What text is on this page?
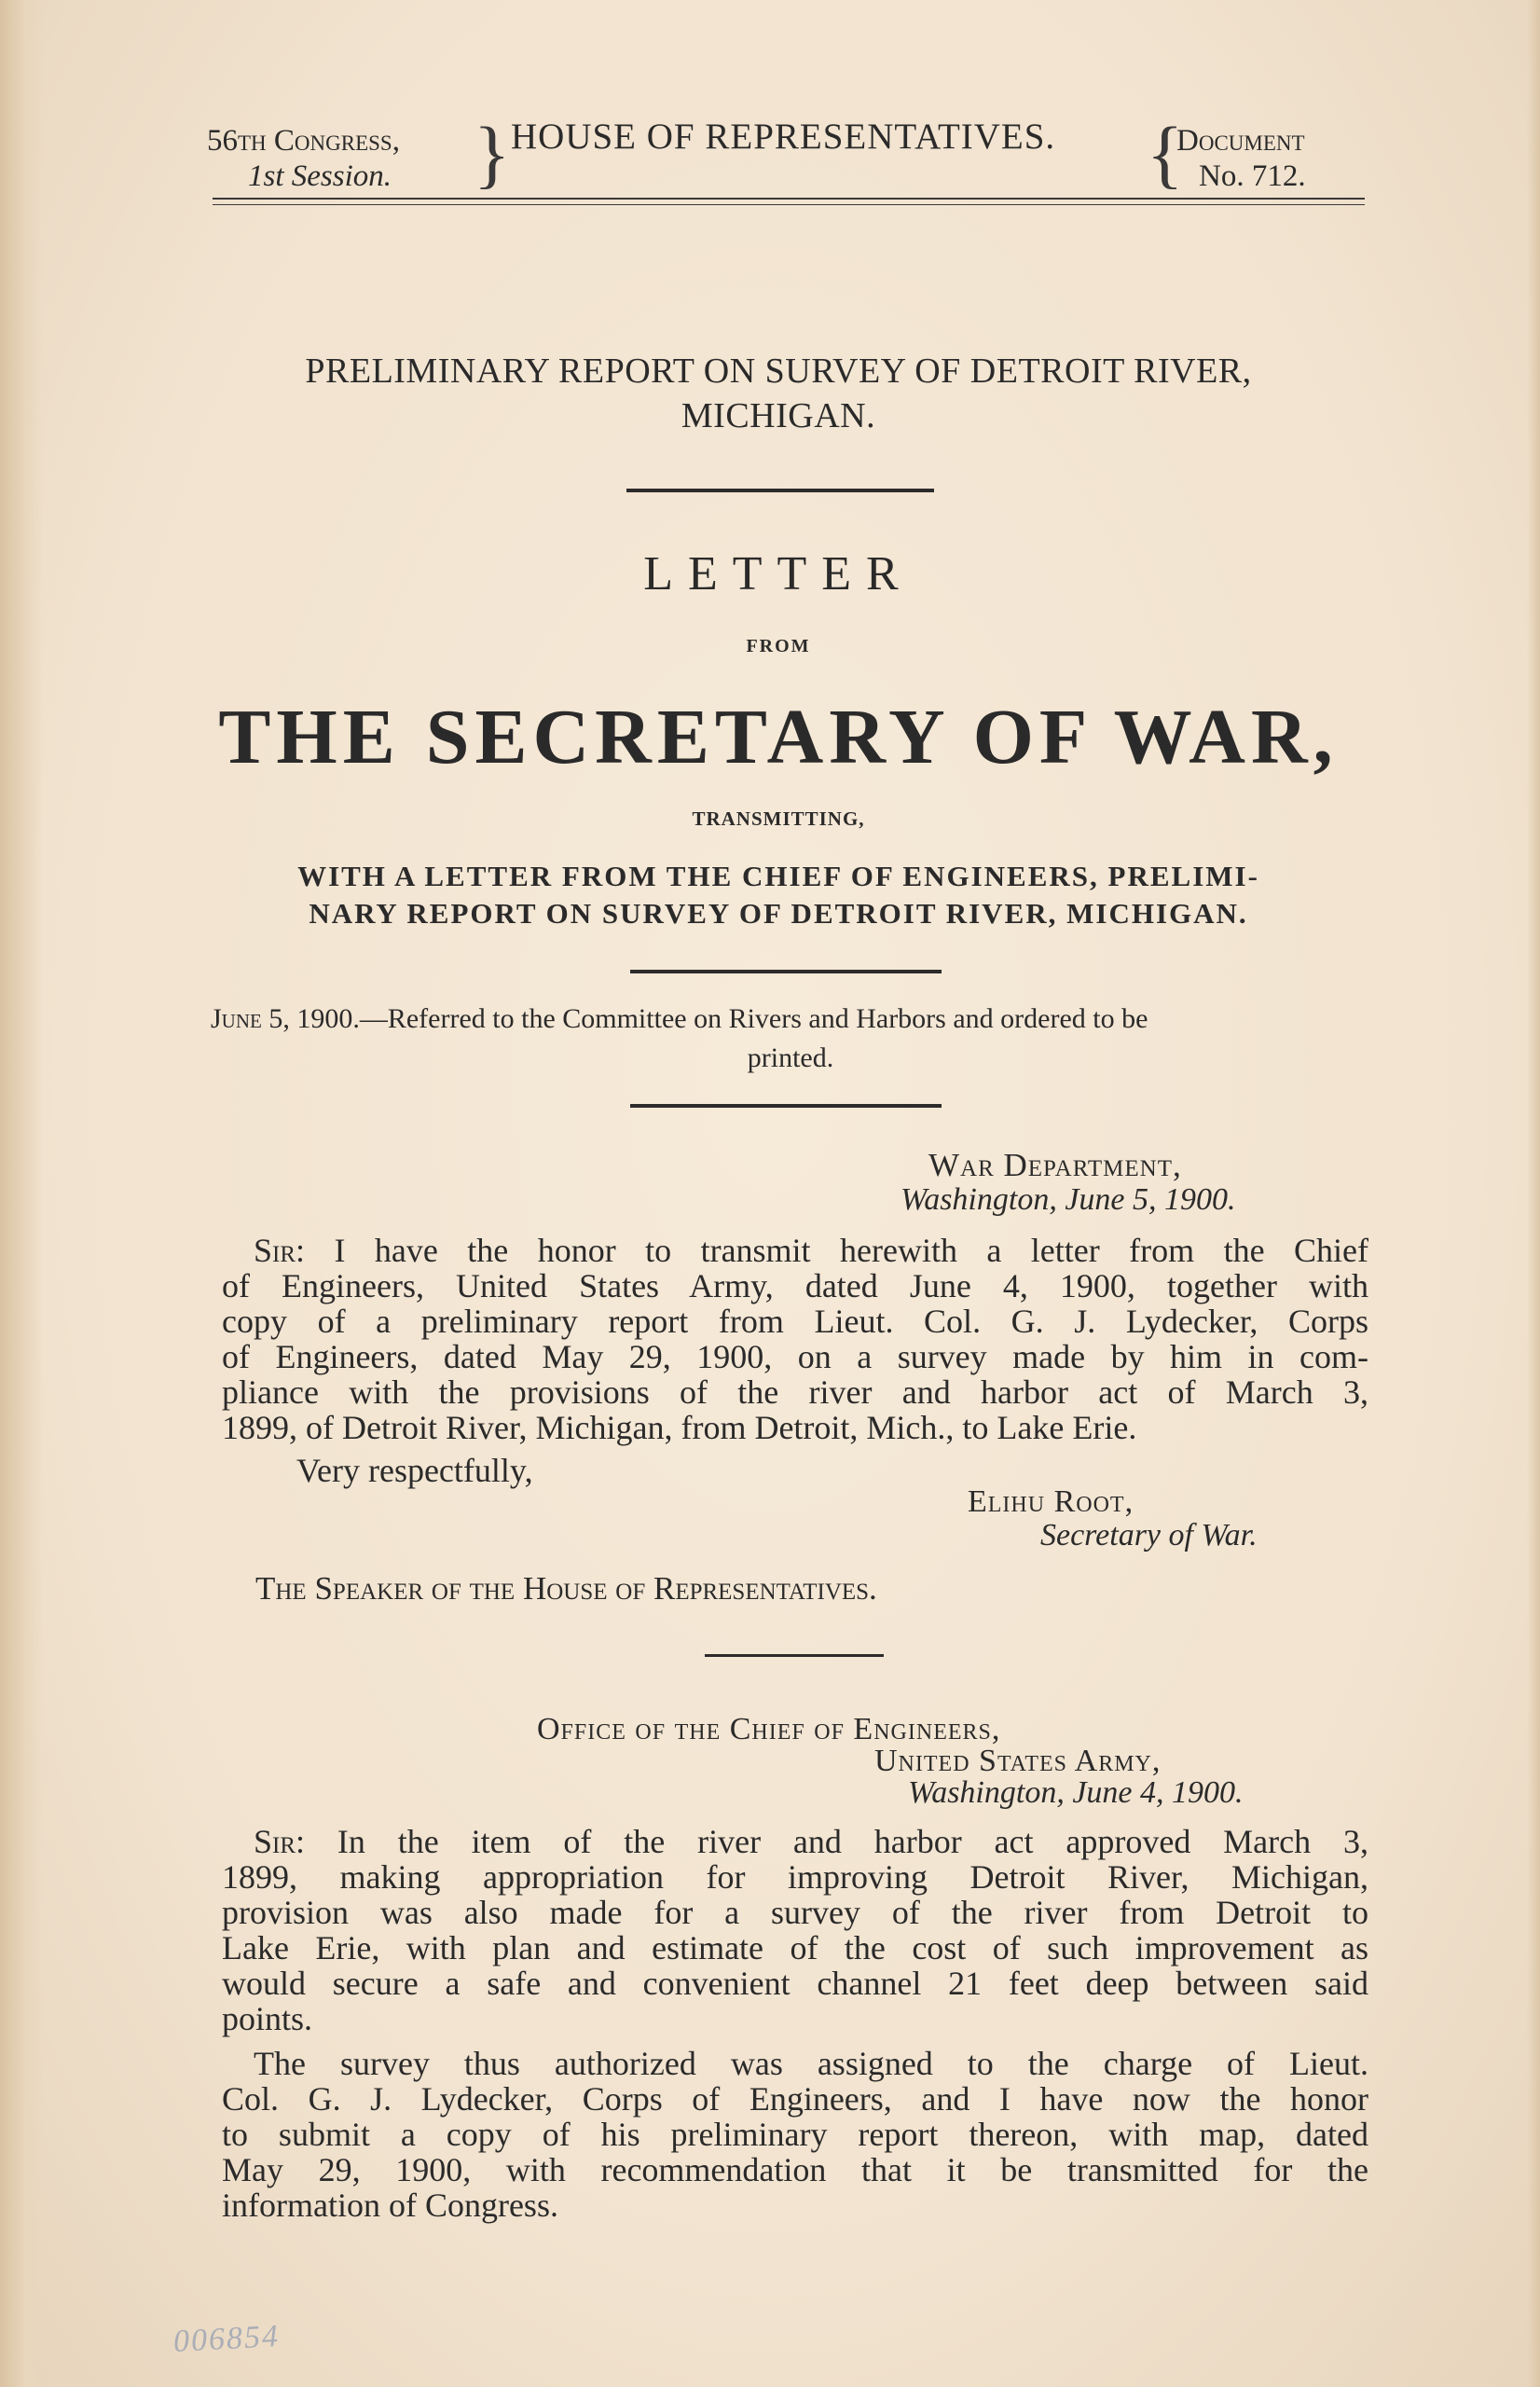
56th Congress,
1st Session. } HOUSE OF REPRESENTATIVES. {
Document
No. 712.
PRELIMINARY REPORT ON SURVEY OF DETROIT RIVER,
MICHIGAN.
LETTER
FROM
THE SECRETARY OF WAR,
TRANSMITTING,
WITH A LETTER FROM THE CHIEF OF ENGINEERS, PRELIMI-
NARY REPORT ON SURVEY OF DETROIT RIVER, MICHIGAN.
June 5, 1900.—Referred to the Committee on Rivers and Harbors and ordered to be
printed.
War Department,
Washington, June 5, 1900.
Sir: I have the honor to transmit herewith a letter from the Chief
of Engineers, United States Army, dated June 4, 1900, together with
copy of a preliminary report from Lieut. Col. G. J. Lydecker, Corps
of Engineers, dated May 29, 1900, on a survey made by him in com-
pliance with the provisions of the river and harbor act of March 3,
1899, of Detroit River, Michigan, from Detroit, Mich., to Lake Erie.
Very respectfully,
Elihu Root,
Secretary of War.
The Speaker of the House of Representatives.
Office of the Chief of Engineers,
United States Army,
Washington, June 4, 1900.
Sir: In the item of the river and harbor act approved March 3,
1899, making appropriation for improving Detroit River, Michigan,
provision was also made for a survey of the river from Detroit to
Lake Erie, with plan and estimate of the cost of such improvement as
would secure a safe and convenient channel 21 feet deep between said
points.
The survey thus authorized was assigned to the charge of Lieut.
Col. G. J. Lydecker, Corps of Engineers, and I have now the honor
to submit a copy of his preliminary report thereon, with map, dated
May 29, 1900, with recommendation that it be transmitted for the
information of Congress.
006854
